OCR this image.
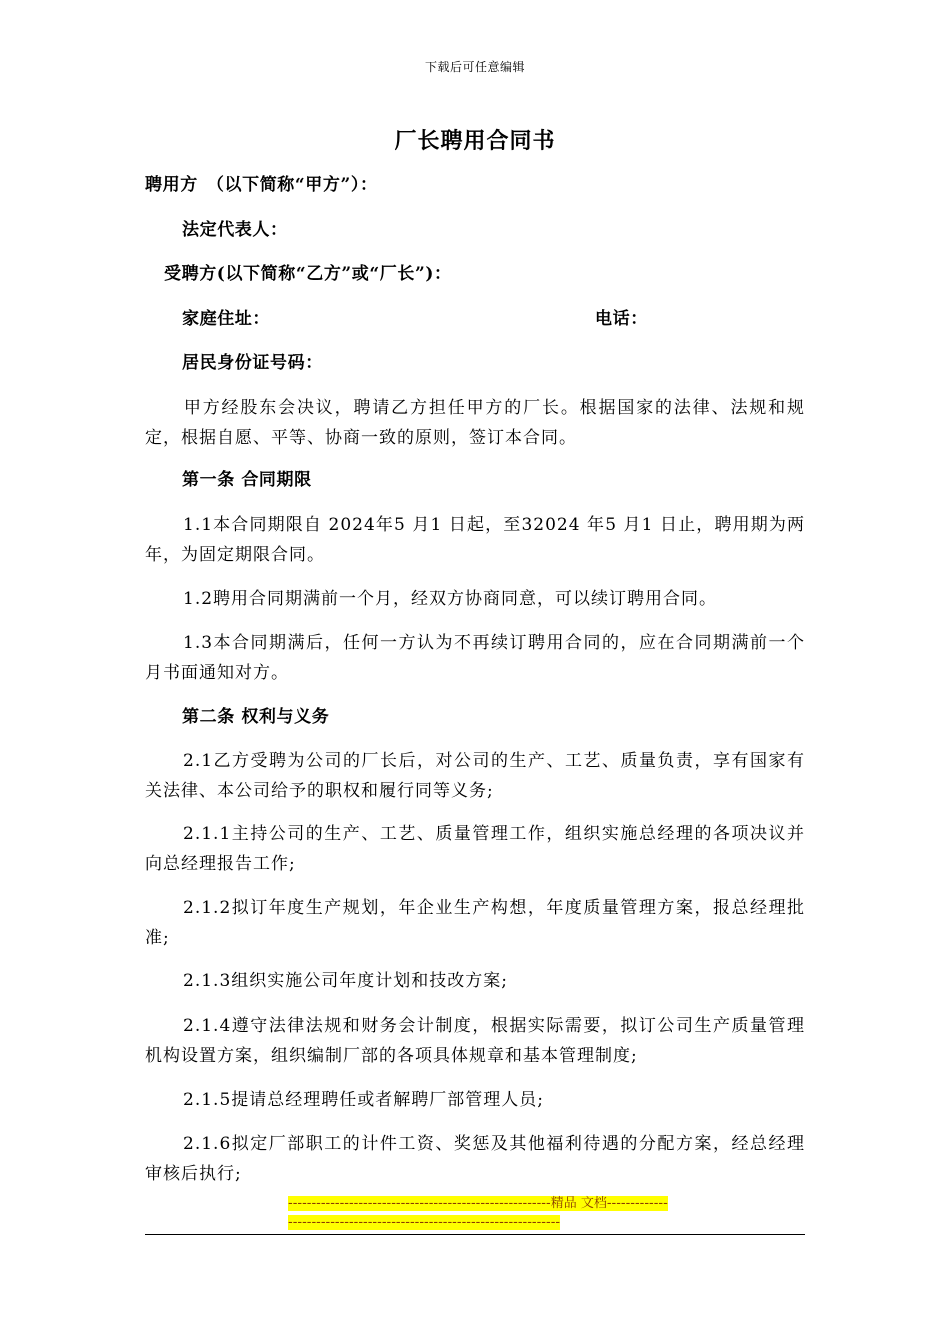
下载后可任意编辑
厂长聘用合同书
聘用方　（以下简称“甲方”）：
法定代表人：
受聘方(以下简称“乙方”或“厂长”)：
家庭住址：	电话：
居民身份证号码：
甲方经股东会决议，聘请乙方担任甲方的厂长。根据国家的法律、法规和规定，根据自愿、平等、协商一致的原则，签订本合同。
第一条 合同期限
1.1本合同期限自 2024年5 月1 日起，至32024 年5 月1 日止，聘用期为两年，为固定期限合同。
1.2聘用合同期满前一个月，经双方协商同意，可以续订聘用合同。
1.3本合同期满后，任何一方认为不再续订聘用合同的，应在合同期满前一个月书面通知对方。
第二条 权利与义务
2.1乙方受聘为公司的厂长后，对公司的生产、工艺、质量负责，享有国家有关法律、本公司给予的职权和履行同等义务;
2.1.1主持公司的生产、工艺、质量管理工作，组织实施总经理的各项决议并向总经理报告工作;
2.1.2拟订年度生产规划，年企业生产构想，年度质量管理方案，报总经理批准;
2.1.3组织实施公司年度计划和技改方案;
2.1.4遵守法律法规和财务会计制度，根据实际需要，拟订公司生产质量管理机构设置方案，组织编制厂部的各项具体规章和基本管理制度;
2.1.5提请总经理聘任或者解聘厂部管理人员;
2.1.6拟定厂部职工的计件工资、奖惩及其他福利待遇的分配方案，经总经理审核后执行;
--------------------------------------------------------精品 文档-----------------------------------------------------------------------
